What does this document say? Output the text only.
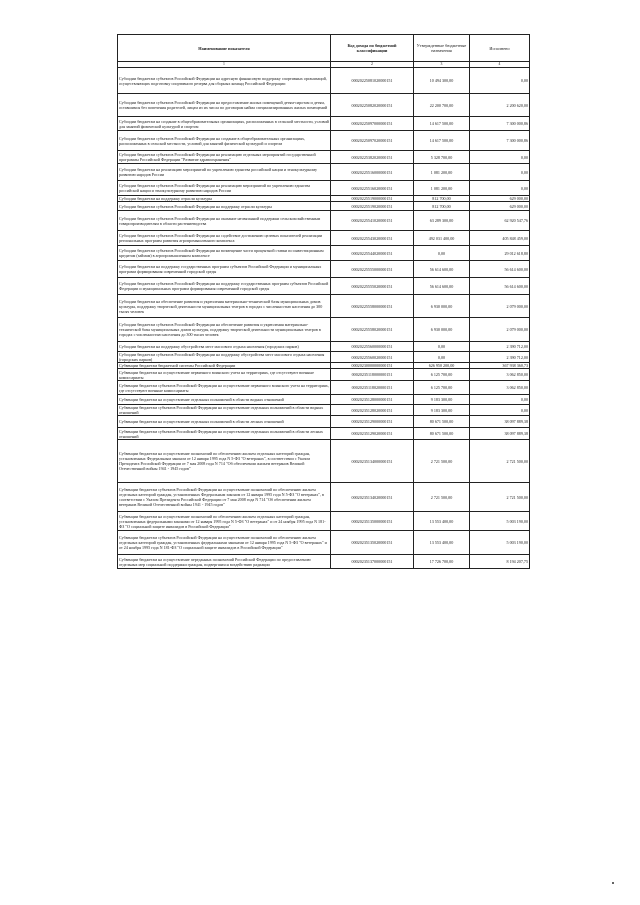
Наименование показателя	Код дохода по бюджетной классификации	Утвержденные бюджетные назначения	Исполнено
1	2	3	4
Субсидии бюджетам субъектов Российской Федерации на адресную финансовую поддержку спортивных организаций, осуществляющих подготовку спортивного резерва для сборных команд Российской Федерации	00020225081020000151	10 494 300,00	0,00
Субсидии бюджетам субъектов Российской Федерации на предоставление жилых помещений детям-сиротам и детям, оставшимся без попечения родителей, лицам из их числа по договорам найма специализированных жилых помещений	00020225082020000151	22 200 700,00	2 200 620,00
Субсидии бюджетам на создание в общеобразовательных организациях, расположенных в сельской местности, условий для занятий физической культурой и спортом	00020225097000000151	14 617 500,00	7 300 000,86
Субсидии бюджетам субъектов Российской Федерации на создание в общеобразовательных организациях, расположенных в сельской местности, условий для занятий физической культурой и спортом	00020225097020000151	14 617 500,00	7 300 000,86
Субсидии бюджетам субъектов Российской Федерации на реализацию отдельных мероприятий государственной программы Российской Федерации "Развитие здравоохранения"	00020225382020000151	5 328 700,00	0,00
Субсидии бюджетам на реализацию мероприятий по укреплению единства российской нации и этнокультурному развитию народов России	00020225516000000151	1 081 200,00	0,00
Субсидии бюджетам субъектов Российской Федерации на реализацию мероприятий по укреплению единства российской нации и этнокультурному развитию народов России	00020225516020000151	1 081 200,00	0,00
Субсидии бюджетам на поддержку отрасли культуры	00020225519000000151	812 700,00	629 000,00
Субсидии бюджетам субъектов Российской Федерации на поддержку отрасли культуры	00020225519020000151	812 700,00	629 000,00
Субсидии бюджетам субъектов Российской Федерации на оказание несвязанной поддержки сельскохозяйственным товаропроизводителям в области растениеводства	00020225541020000151	63 289 300,00	62 920 547,76
Субсидии бюджетам субъектов Российской Федерации на содействие достижению целевых показателей реализации региональных программ развития агропромышленного комплекса	00020225543020000151	492 031 400,00	405 848 459,00
Субсидии бюджетам субъектов Российской Федерации на возмещение части процентной ставки по инвестиционным кредитам (займам) в агропромышленном комплексе	00020225544020000151	0,00	29 012 618,80
Субсидии бюджетам на поддержку государственных программ субъектов Российской Федерации и муниципальных программ формирования современной городской среды	00020225555000000151	56 614 600,00	56 614 600,00
Субсидии бюджетам субъектов Российской Федерации на поддержку государственных программ субъектов Российской Федерации и муниципальных программ формирования современной городской среды	00020225555020000151	56 614 600,00	56 614 600,00
Субсидии бюджетам на обеспечение развития и укрепления материально-технической базы муниципальных домов культуры, поддержку творческой деятельности муниципальных театров в городах с численностью населения до 300 тысяч человек	00020225558000000151	6 930 000,00	2 079 000,00
Субсидии бюджетам субъектов Российской Федерации на обеспечение развития и укрепления материально-технической базы муниципальных домов культуры, поддержку творческой деятельности муниципальных театров в городах с численностью населения до 300 тысяч человек	00020225558020000151	6 930 000,00	2 079 000,00
Субсидии бюджетам на поддержку обустройства мест массового отдыха населения (городских парков)	00020225560000000151	0,00	2 390 712,00
Субсидии бюджетам субъектов Российской Федерации на поддержку обустройства мест массового отдыха населения (городских парков)	00020225560020000151	0,00	2 390 712,00
Субвенции бюджетам бюджетной системы Российской Федерации	00020230000000000151	626 950 200,00	367 938 360,73
Субвенции бюджетам на осуществление первичного воинского учета на территориях, где отсутствуют военные комиссариаты	00020235118000000151	6 125 700,00	3 062 850,00
Субвенции бюджетам субъектов Российской Федерации на осуществление первичного воинского учета на территориях, где отсутствуют военные комиссариаты	00020235118020000151	6 125 700,00	3 062 850,00
Субвенции бюджетам на осуществление отдельных полномочий в области водных отношений	00020235128000000151	9 183 300,00	0,00
Субвенции бюджетам субъектов Российской Федерации на осуществление отдельных полномочий в области водных отношений	00020235128020000151	9 183 300,00	0,00
Субвенции бюджетам на осуществление отдельных полномочий в области лесных отношений	00020235129000000151	80 671 500,00	38 097 889,38
Субвенции бюджетам субъектов Российской Федерации на осуществление отдельных полномочий в области лесных отношений	00020235129020000151	80 671 500,00	38 097 889,38
Субвенции бюджетам на осуществление полномочий по обеспечению жильем отдельных категорий граждан, установленных Федеральным законом от 12 января 1995 года N 5-ФЗ "О ветеранах", в соответствии с Указом Президента Российской Федерации от 7 мая 2008 года N 714 "Об обеспечении жильем ветеранов Великой Отечественной войны 1941 - 1945 годов"	00020235134000000151	2 721 500,00	2 721 500,00
Субвенции бюджетам субъектов Российской Федерации на осуществление полномочий по обеспечению жильем отдельных категорий граждан, установленных Федеральным законом от 12 января 1995 года N 5-ФЗ "О ветеранах", в соответствии с Указом Президента Российской Федерации от 7 мая 2008 года N 714 "Об обеспечении жильем ветеранов Великой Отечественной войны 1941 - 1945 годов"	00020235134020000151	2 721 500,00	2 721 500,00
Субвенции бюджетам на осуществление полномочий по обеспечению жильем отдельных категорий граждан, установленных федеральными законами от 12 января 1995 года N 5-ФЗ "О ветеранах" и от 24 ноября 1995 года N 181-ФЗ "О социальной защите инвалидов в Российской Федерации"	00020235135000000151	13 553 400,00	5 003 190,00
Субвенции бюджетам субъектов Российской Федерации на осуществление полномочий по обеспечению жильем отдельных категорий граждан, установленных федеральными законами от 12 января 1995 года N 5-ФЗ "О ветеранах" и от 24 ноября 1995 года N 181-ФЗ "О социальной защите инвалидов в Российской Федерации"	00020235135020000151	13 553 400,00	5 003 190,00
Субвенции бюджетам на осуществление переданных полномочий Российской Федерации по предоставлению отдельных мер социальной поддержки граждан, подвергшихся воздействию радиации	00020235137000000151	17 726 700,00	8 194 207,75
